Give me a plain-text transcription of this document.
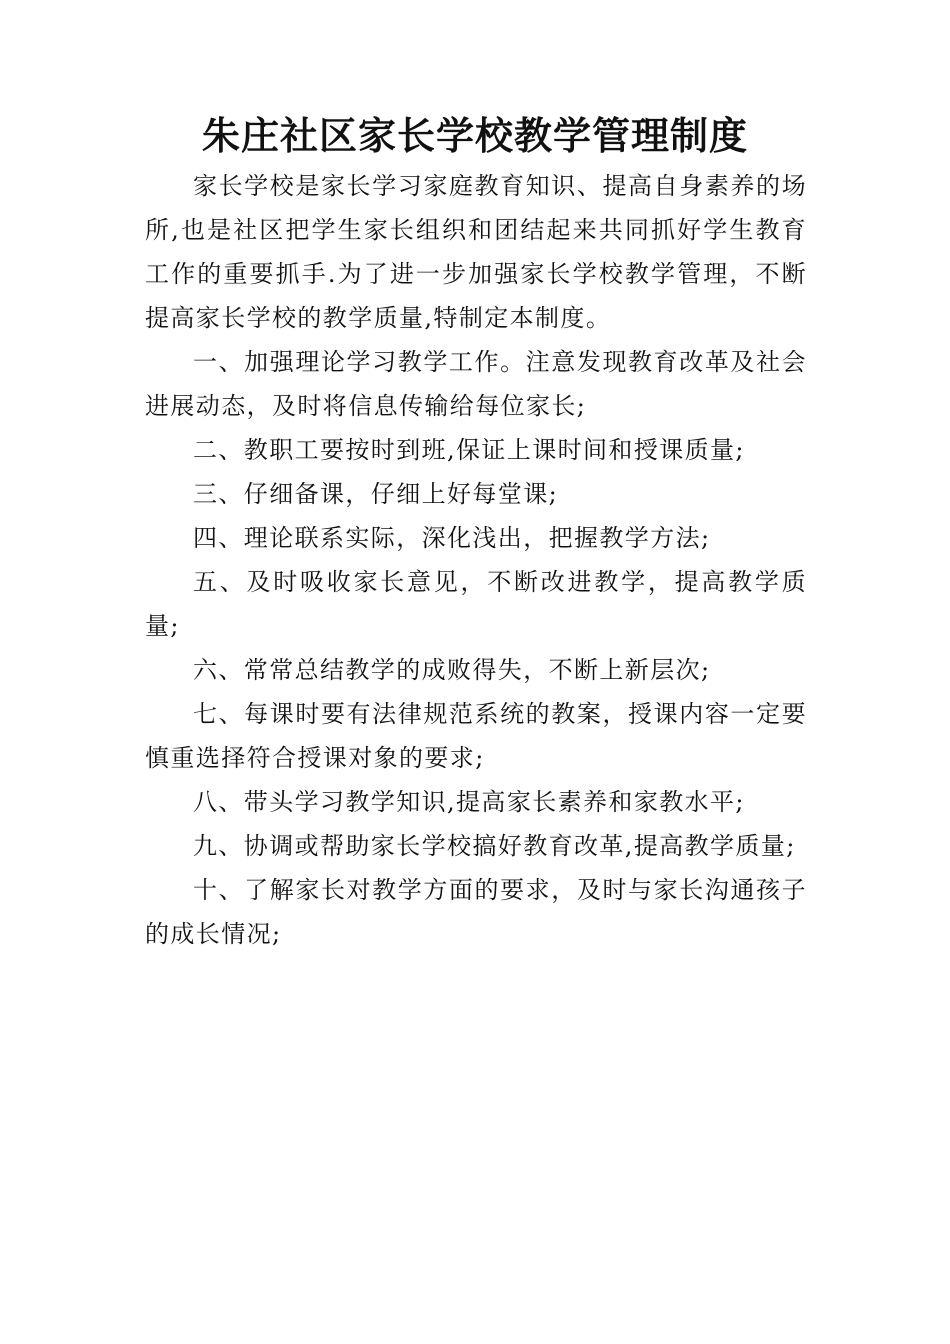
朱庄社区家长学校教学管理制度

家长学校是家长学习家庭教育知识、提高自身素养的场所,也是社区把学生家长组织和团结起来共同抓好学生教育工作的重要抓手.为了进一步加强家长学校教学管理，不断提高家长学校的教学质量,特制定本制度。

一、加强理论学习教学工作。注意发现教育改革及社会进展动态，及时将信息传输给每位家长;

二、教职工要按时到班,保证上课时间和授课质量;

三、仔细备课，仔细上好每堂课;

四、理论联系实际，深化浅出，把握教学方法;

五、及时吸收家长意见，不断改进教学，提高教学质量;

六、常常总结教学的成败得失，不断上新层次;

七、每课时要有法律规范系统的教案，授课内容一定要慎重选择符合授课对象的要求;

八、带头学习教学知识,提高家长素养和家教水平;

九、协调或帮助家长学校搞好教育改革,提高教学质量;

十、了解家长对教学方面的要求，及时与家长沟通孩子的成长情况;
